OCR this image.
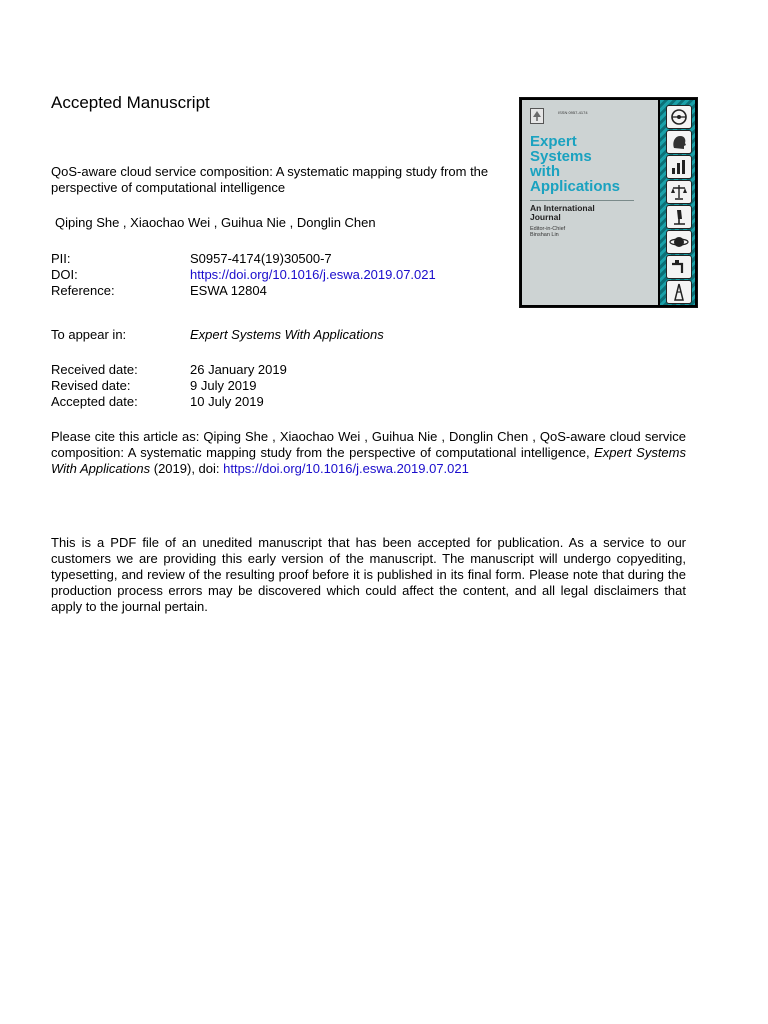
Accepted Manuscript
QoS-aware cloud service composition: A systematic mapping study from the perspective of computational intelligence
Qiping She , Xiaochao Wei , Guihua Nie , Donglin Chen
PII:	S0957-4174(19)30500-7
DOI:	https://doi.org/10.1016/j.eswa.2019.07.021
Reference:	ESWA 12804
To appear in:	Expert Systems With Applications
Received date:	26 January 2019
Revised date:	9 July 2019
Accepted date:	10 July 2019
Please cite this article as: Qiping She , Xiaochao Wei , Guihua Nie , Donglin Chen , QoS-aware cloud service composition: A systematic mapping study from the perspective of computational intelligence, Expert Systems With Applications (2019), doi: https://doi.org/10.1016/j.eswa.2019.07.021
This is a PDF file of an unedited manuscript that has been accepted for publication. As a service to our customers we are providing this early version of the manuscript. The manuscript will undergo copyediting, typesetting, and review of the resulting proof before it is published in its final form. Please note that during the production process errors may be discovered which could affect the content, and all legal disclaimers that apply to the journal pertain.
ISSN 0957-4174
Expert
Systems
with
Applications
An International
Journal
Editor-in-Chief
Binshan Lin
